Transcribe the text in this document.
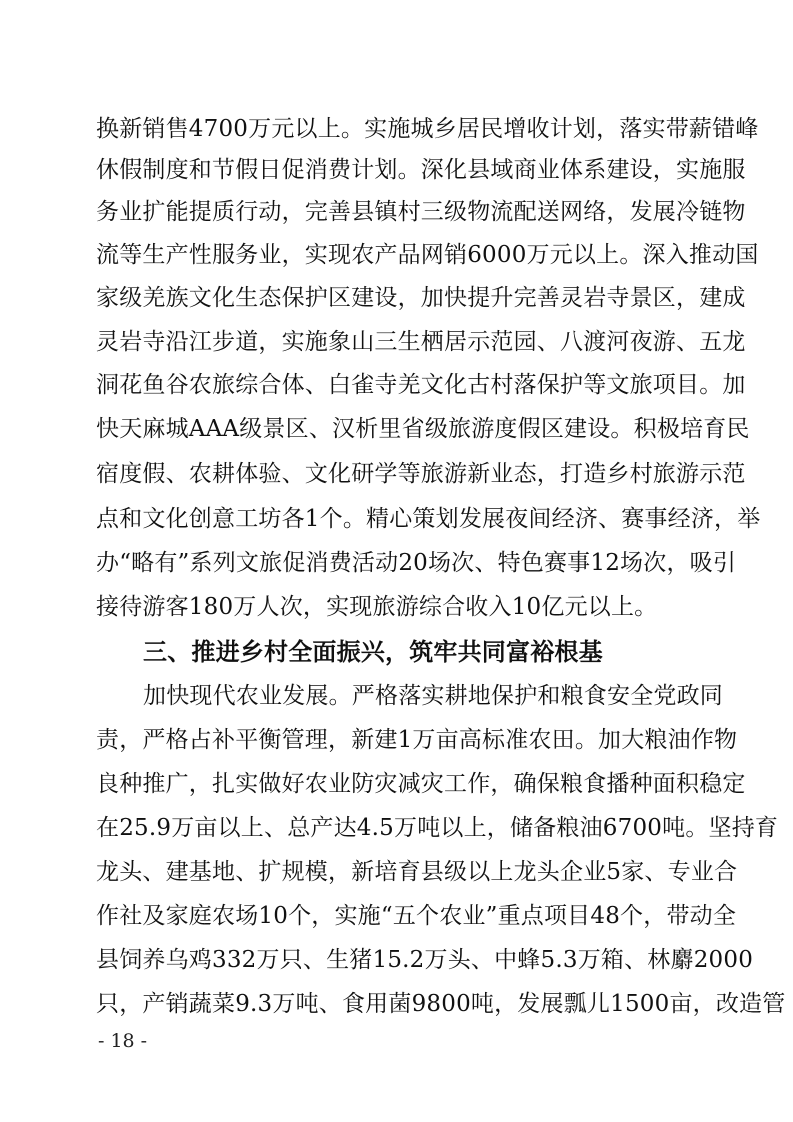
换新销售4700万元以上。实施城乡居民增收计划，落实带薪错峰
休假制度和节假日促消费计划。深化县域商业体系建设，实施服
务业扩能提质行动，完善县镇村三级物流配送网络，发展冷链物
流等生产性服务业，实现农产品网销6000万元以上。深入推动国
家级羌族文化生态保护区建设，加快提升完善灵岩寺景区，建成
灵岩寺沿江步道，实施象山三生栖居示范园、八渡河夜游、五龙
洞花鱼谷农旅综合体、白雀寺羌文化古村落保护等文旅项目。加
快天麻城AAA级景区、汉析里省级旅游度假区建设。积极培育民
宿度假、农耕体验、文化研学等旅游新业态，打造乡村旅游示范
点和文化创意工坊各1个。精心策划发展夜间经济、赛事经济，举
办“略有”系列文旅促消费活动20场次、特色赛事12场次，吸引
接待游客180万人次，实现旅游综合收入10亿元以上。
三、推进乡村全面振兴，筑牢共同富裕根基
加快现代农业发展。严格落实耕地保护和粮食安全党政同
责，严格占补平衡管理，新建1万亩高标准农田。加大粮油作物
良种推广，扎实做好农业防灾减灾工作，确保粮食播种面积稳定
在25.9万亩以上、总产达4.5万吨以上，储备粮油6700吨。坚持育
龙头、建基地、扩规模，新培育县级以上龙头企业5家、专业合
作社及家庭农场10个，实施“五个农业”重点项目48个，带动全
县饲养乌鸡332万只、生猪15.2万头、中蜂5.3万箱、林麝2000
只，产销蔬菜9.3万吨、食用菌9800吨，发展瓢儿1500亩，改造管
- 18 -
